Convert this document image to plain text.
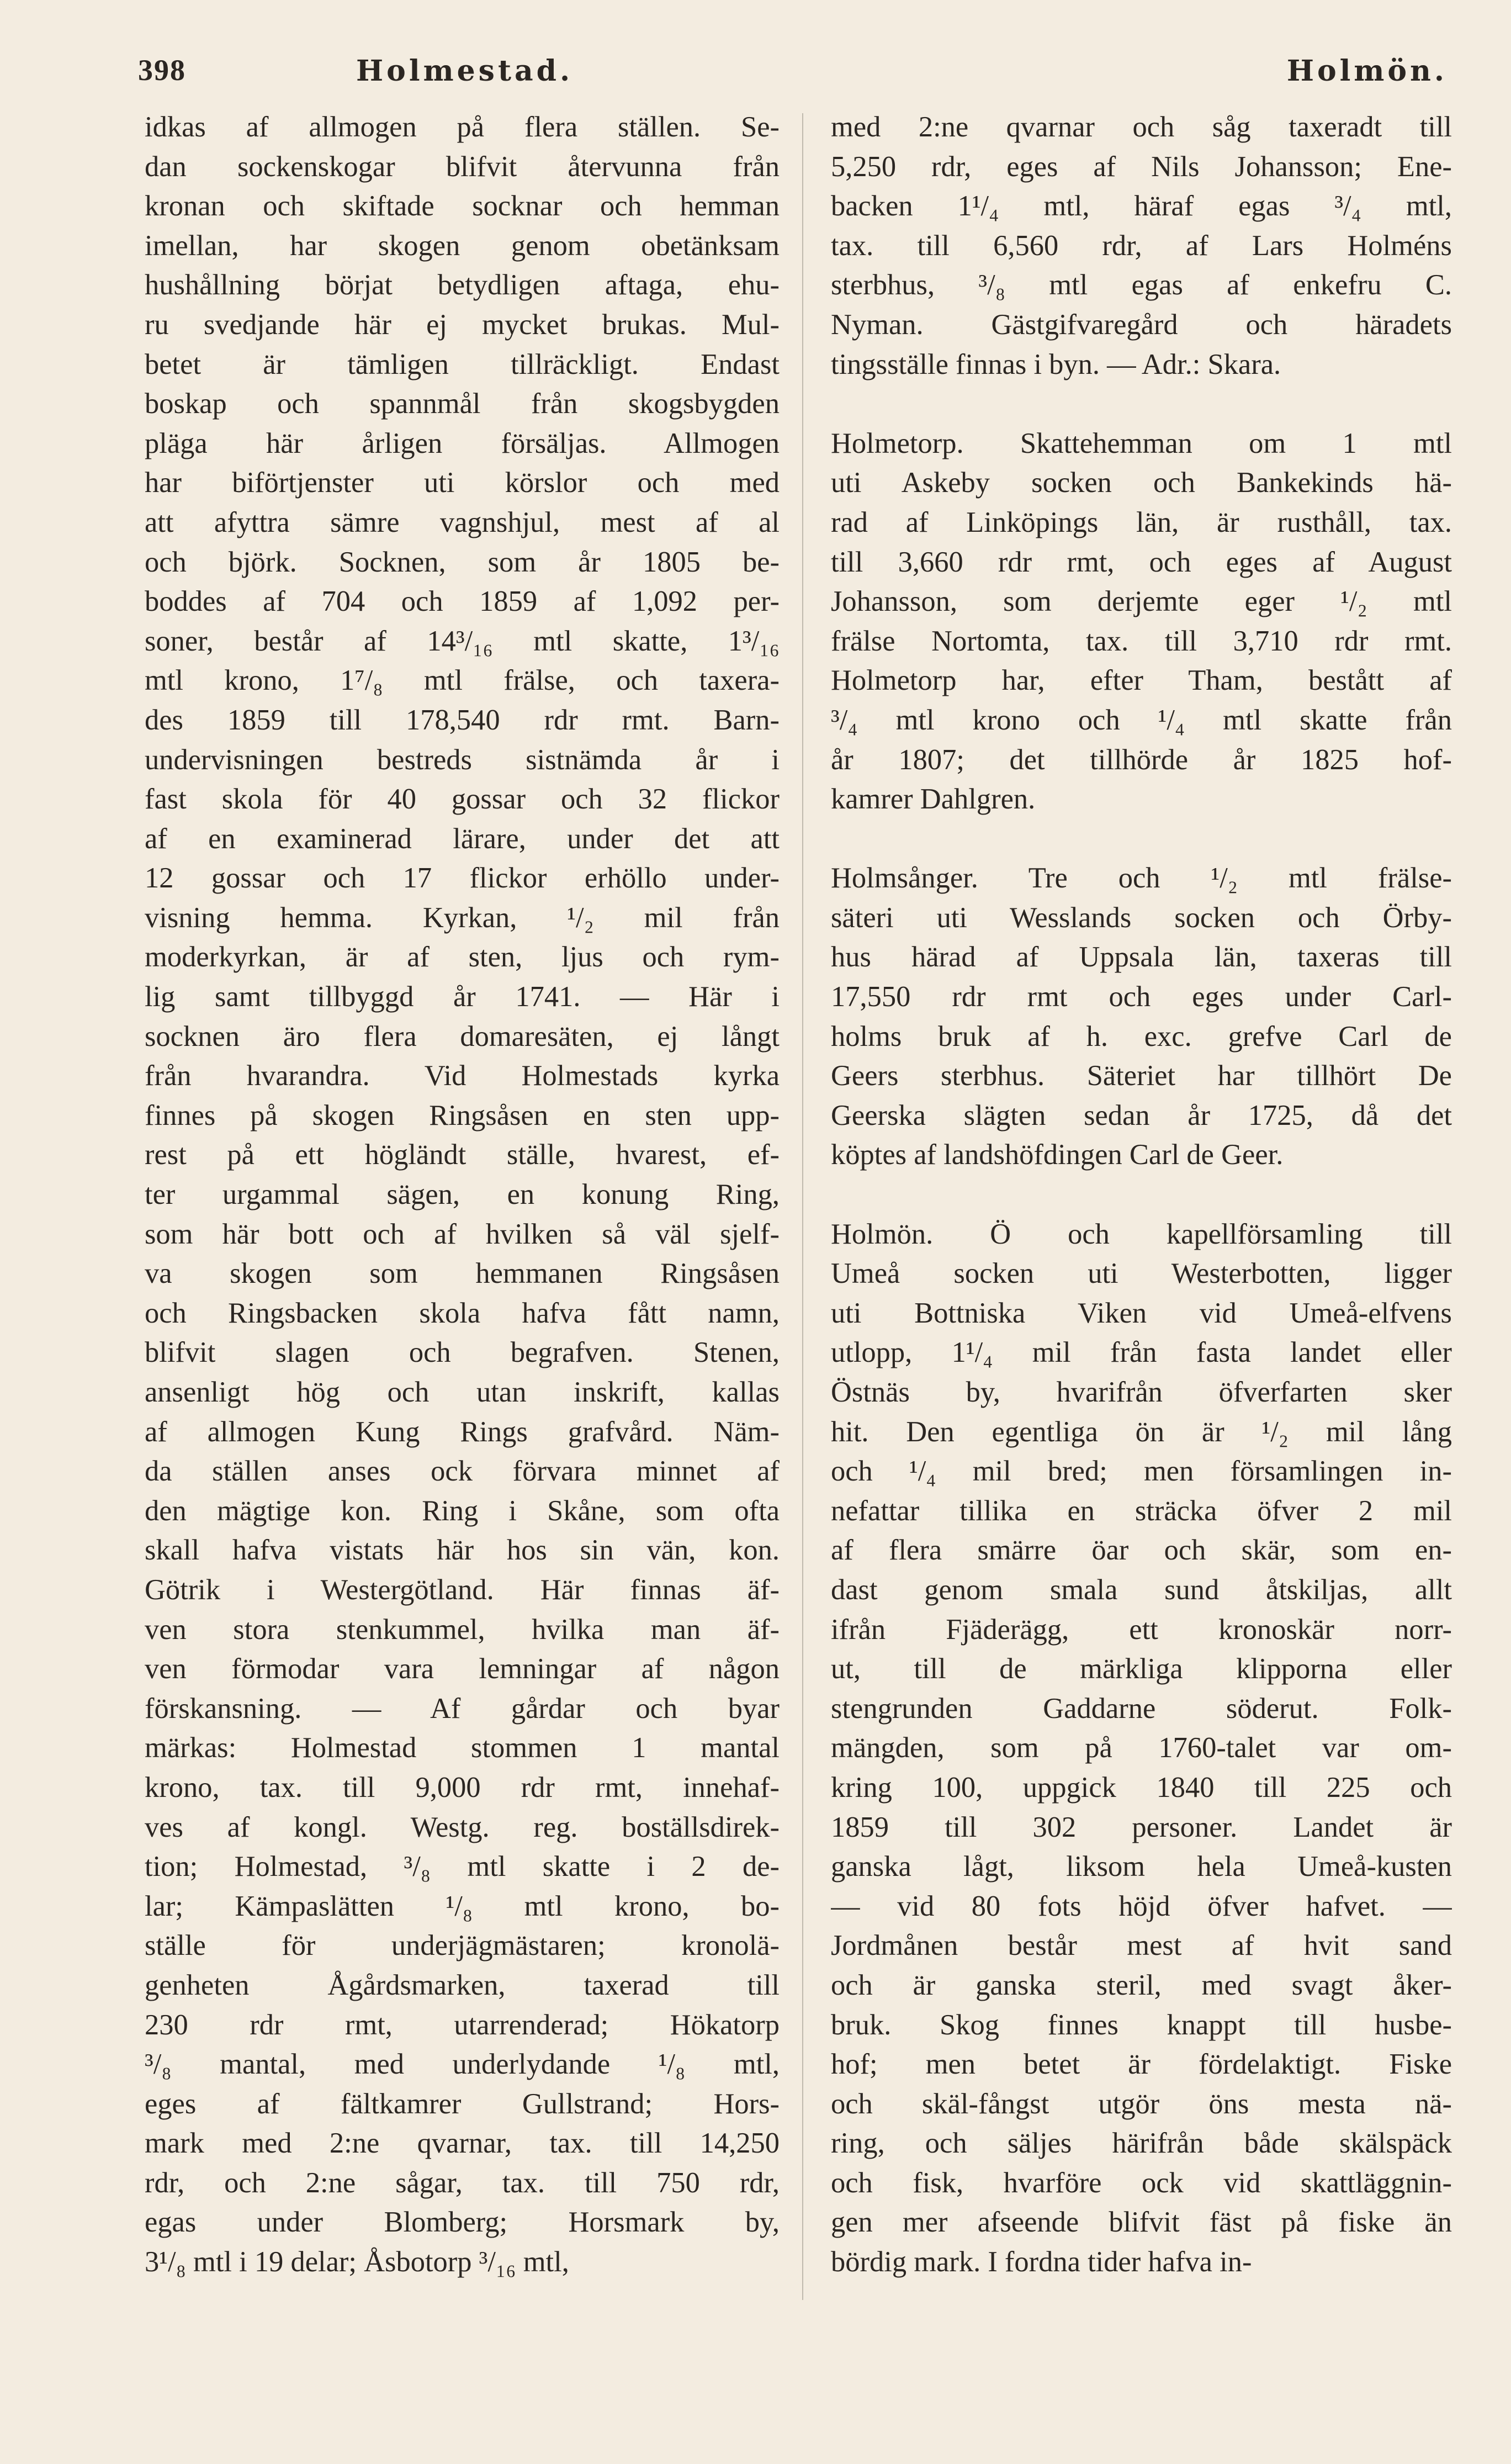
398	Holmestad.	Holmön.
idkas af allmogen på flera ställen. Se-
dan sockenskogar blifvit återvunna från
kronan och skiftade socknar och hemman
imellan, har skogen genom obetänksam
hushållning börjat betydligen aftaga, ehu-
ru svedjande här ej mycket brukas. Mul-
betet är tämligen tillräckligt. Endast
boskap och spannmål från skogsbygden
pläga här årligen försäljas. Allmogen
har biförtjenster uti körslor och med
att afyttra sämre vagnshjul, mest af al
och björk. Socknen, som år 1805 be-
boddes af 704 och 1859 af 1,092 per-
soner, består af 14³/₁₆ mtl skatte, 1³/₁₆
mtl krono, 1⁷/₈ mtl frälse, och taxera-
des 1859 till 178,540 rdr rmt. Barn-
undervisningen bestreds sistnämda år i
fast skola för 40 gossar och 32 flickor
af en examinerad lärare, under det att
12 gossar och 17 flickor erhöllo under-
visning hemma. Kyrkan, ¹/₂ mil från
moderkyrkan, är af sten, ljus och rym-
lig samt tillbyggd år 1741. — Här i
socknen äro flera domaresäten, ej långt
från hvarandra. Vid Holmestads kyrka
finnes på skogen Ringsåsen en sten upp-
rest på ett högländt ställe, hvarest, ef-
ter urgammal sägen, en konung Ring,
som här bott och af hvilken så väl sjelf-
va skogen som hemmanen Ringsåsen
och Ringsbacken skola hafva fått namn,
blifvit slagen och begrafven. Stenen,
ansenligt hög och utan inskrift, kallas
af allmogen Kung Rings grafvård. Näm-
da ställen anses ock förvara minnet af
den mägtige kon. Ring i Skåne, som ofta
skall hafva vistats här hos sin vän, kon.
Götrik i Westergötland. Här finnas äf-
ven stora stenkummel, hvilka man äf-
ven förmodar vara lemningar af någon
förskansning. — Af gårdar och byar
märkas: Holmestad stommen 1 mantal
krono, tax. till 9,000 rdr rmt, innehaf-
ves af kongl. Westg. reg. boställsdirek-
tion; Holmestad, ³/₈ mtl skatte i 2 de-
lar; Kämpaslätten ¹/₈ mtl krono, bo-
ställe för underjägmästaren; kronolä-
genheten Ågårdsmarken, taxerad till
230 rdr rmt, utarrenderad; Hökatorp
³/₈ mantal, med underlydande ¹/₈ mtl,
eges af fältkamrer Gullstrand; Hors-
mark med 2:ne qvarnar, tax. till 14,250
rdr, och 2:ne sågar, tax. till 750 rdr,
egas under Blomberg; Horsmark by,
3¹/₈ mtl i 19 delar; Åsbotorp ³/₁₆ mtl,
med 2:ne qvarnar och såg taxeradt till
5,250 rdr, eges af Nils Johansson; Ene-
backen 1¹/₄ mtl, häraf egas ³/₄ mtl,
tax. till 6,560 rdr, af Lars Holméns
sterbhus, ³/₈ mtl egas af enkefru C.
Nyman. Gästgifvaregård och häradets
tingsställe finnas i byn. — Adr.: Skara.
Holmetorp. Skattehemman om 1 mtl
uti Askeby socken och Bankekinds hä-
rad af Linköpings län, är rusthåll, tax.
till 3,660 rdr rmt, och eges af August
Johansson, som derjemte eger ¹/₂ mtl
frälse Nortomta, tax. till 3,710 rdr rmt.
Holmetorp har, efter Tham, bestått af
³/₄ mtl krono och ¹/₄ mtl skatte från
år 1807; det tillhörde år 1825 hof-
kamrer Dahlgren.
Holmsånger. Tre och ¹/₂ mtl frälse-
säteri uti Wesslands socken och Örby-
hus härad af Uppsala län, taxeras till
17,550 rdr rmt och eges under Carl-
holms bruk af h. exc. grefve Carl de
Geers sterbhus. Säteriet har tillhört De
Geerska slägten sedan år 1725, då det
köptes af landshöfdingen Carl de Geer.
Holmön. Ö och kapellförsamling till
Umeå socken uti Westerbotten, ligger
uti Bottniska Viken vid Umeå-elfvens
utlopp, 1¹/₄ mil från fasta landet eller
Östnäs by, hvarifrån öfverfarten sker
hit. Den egentliga ön är ¹/₂ mil lång
och ¹/₄ mil bred; men församlingen in-
nefattar tillika en sträcka öfver 2 mil
af flera smärre öar och skär, som en-
dast genom smala sund åtskiljas, allt
ifrån Fjäderägg, ett kronoskär norr-
ut, till de märkliga klipporna eller
stengrunden Gaddarne söderut. Folk-
mängden, som på 1760-talet var om-
kring 100, uppgick 1840 till 225 och
1859 till 302 personer. Landet är
ganska lågt, liksom hela Umeå-kusten
— vid 80 fots höjd öfver hafvet. —
Jordmånen består mest af hvit sand
och är ganska steril, med svagt åker-
bruk. Skog finnes knappt till husbe-
hof; men betet är fördelaktigt. Fiske
och skäl-fångst utgör öns mesta nä-
ring, och säljes härifrån både skälspäck
och fisk, hvarföre ock vid skattläggnin-
gen mer afseende blifvit fäst på fiske än
bördig mark. I fordna tider hafva in-
